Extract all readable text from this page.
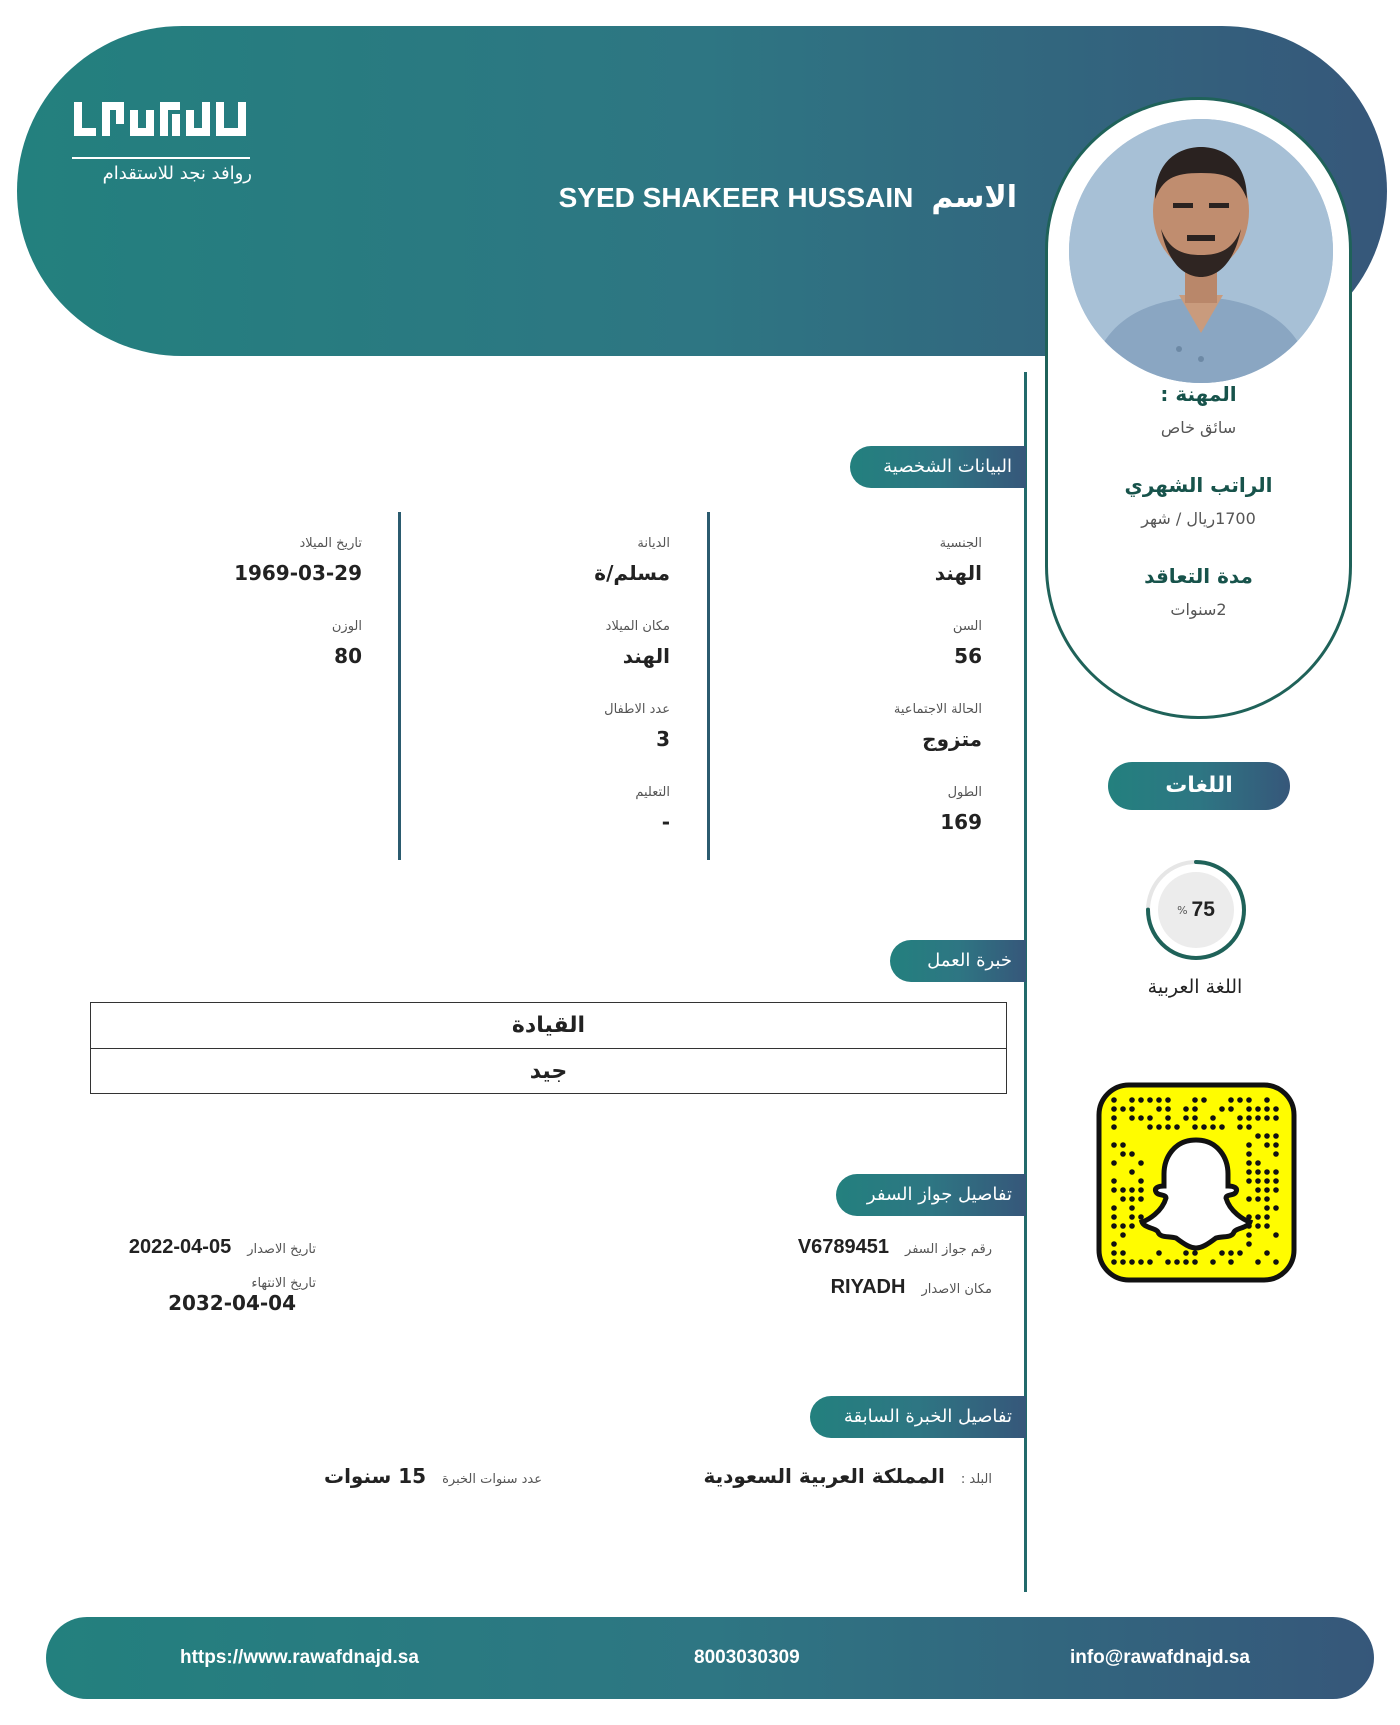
روافد نجد للاستقدام
الاسم
SYED SHAKEER HUSSAIN
المهنة :
سائق خاص
الراتب الشهري
1700ريال / شهر
مدة التعاقد
2سنوات
اللغات
% 75
اللغة العربية
البيانات الشخصية
خبرة العمل
تفاصيل جواز السفر
تفاصيل الخبرة السابقة
الجنسية
الهند
السن
56
الحالة الاجتماعية
متزوج
الطول
169
الديانة
مسلم/ة
مكان الميلاد
الهند
عدد الاطفال
3
التعليم
-
تاريخ الميلاد
1969-03-29
الوزن
80
القيادة
جيد
رقم جواز السفر
V6789451
مكان الاصدار
RIYADH
تاريخ الاصدار
2022-04-05
تاريخ الانتهاء
2032-04-04
البلد :
المملكة العربية السعودية
عدد سنوات الخبرة
15 سنوات
https://www.rawafdnajd.sa	8003030309	info@rawafdnajd.sa
